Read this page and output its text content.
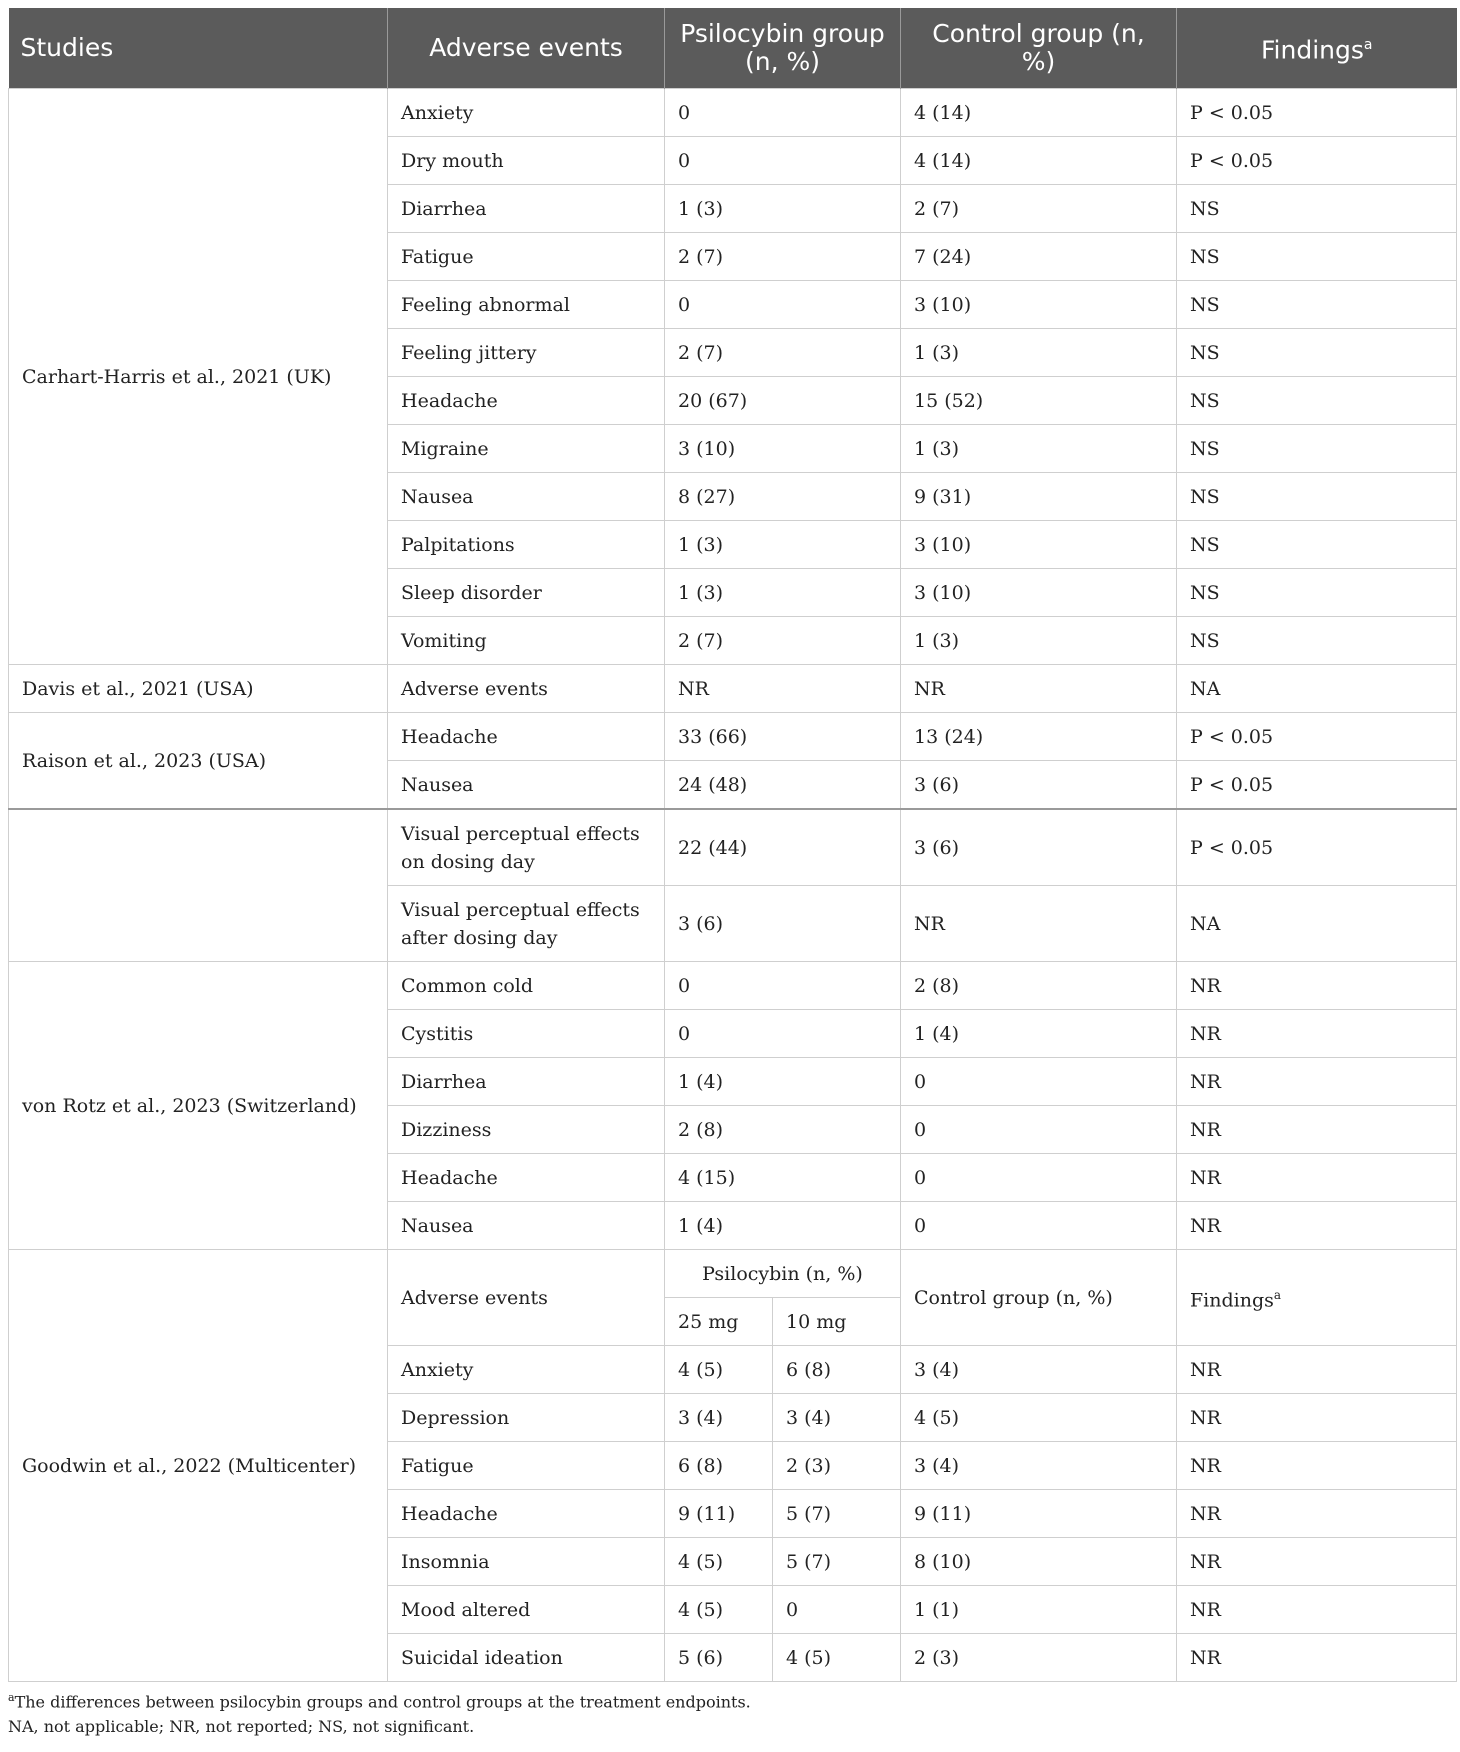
Studies	Adverse events	Psilocybin group (n, %)		Control group (n, %)	Findings$^a$
Carhart-Harris et al., 2021 (UK)	Anxiety	0		4 (14)	P < 0.05
	Dry mouth	0		4 (14)	P < 0.05
	Diarrhea	1 (3)		2 (7)	NS
	Fatigue	2 (7)		7 (24)	NS
	Feeling abnormal	0		3 (10)	NS
	Feeling jittery	2 (7)		1 (3)	NS
	Headache	20 (67)		15 (52)	NS
	Migraine	3 (10)		1 (3)	NS
	Nausea	8 (27)		9 (31)	NS
	Palpitations	1 (3)		3 (10)	NS
	Sleep disorder	1 (3)		3 (10)	NS
	Vomiting	2 (7)		1 (3)	NS
Davis et al., 2021 (USA)	Adverse events	NR		NR	NA
Raison et al., 2023 (USA)	Headache	33 (66)		13 (24)	P < 0.05
	Nausea	24 (48)		3 (6)	P < 0.05
	Visual perceptual effects on dosing day	22 (44)		3 (6)	P < 0.05
	Visual perceptual effects after dosing day	3 (6)		NR	NA
von Rotz et al., 2023 (Switzerland)	Common cold	0		2 (8)	NR
	Cystitis	0		1 (4)	NR
	Diarrhea	1 (4)		0	NR
	Dizziness	2 (8)		0	NR
	Headache	4 (15)		0	NR
	Nausea	1 (4)		0	NR
Goodwin et al., 2022 (Multicenter)	Adverse events	Psilocybin (n, %)		Control group (n, %)	Findings$^a$
		25 mg	10 mg		
	Anxiety	4 (5)	6 (8)	3 (4)	NR
	Depression	3 (4)	3 (4)	4 (5)	NR
	Fatigue	6 (8)	2 (3)	3 (4)	NR
	Headache	9 (11)	5 (7)	9 (11)	NR
	Insomnia	4 (5)	5 (7)	8 (10)	NR
	Mood altered	4 (5)	0	1 (1)	NR
	Suicidal ideation	5 (6)	4 (5)	2 (3)	NR
$^a$The differences between psilocybin groups and control groups at the treatment endpoints.
NA, not applicable; NR, not reported; NS, not significant.
